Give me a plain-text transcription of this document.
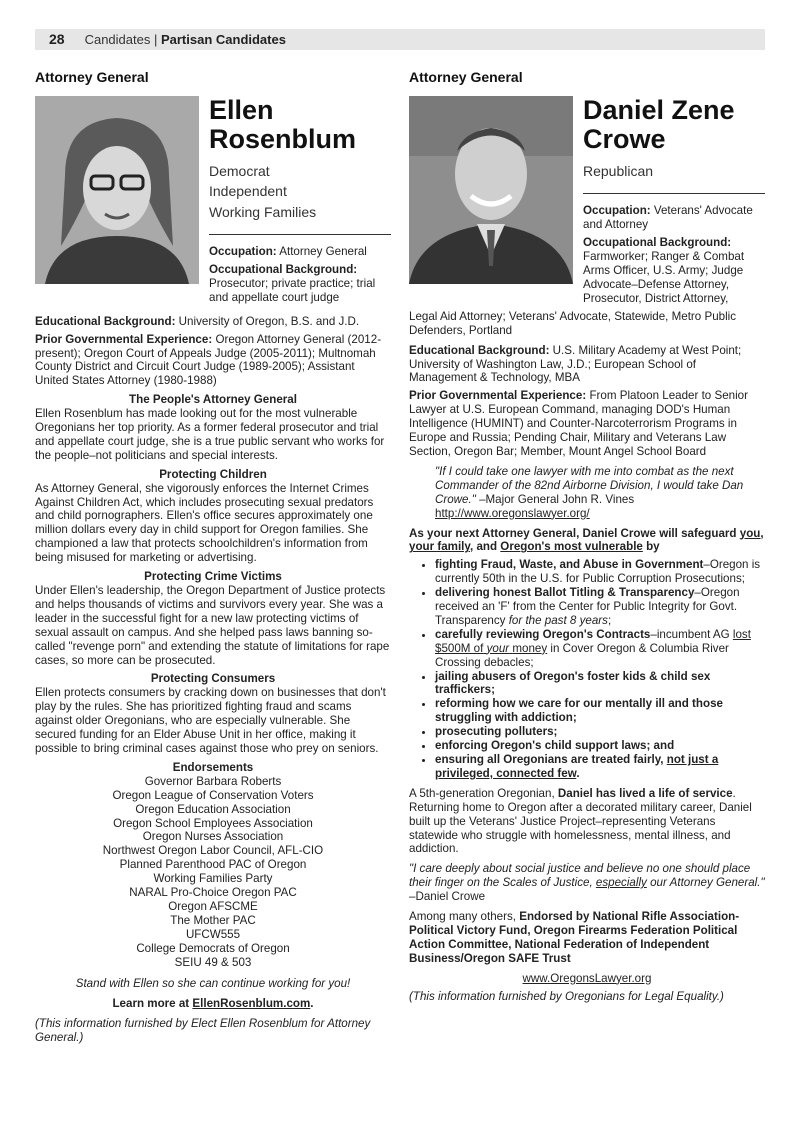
28 Candidates |
Partisan Candidates
Attorney General
Ellen
Rosenblum
Democrat
Independent
Working Families

Occupation: Attorney General

Occupational Background:
Prosecutor; private practice; trial and appellate court judge

Educational Background: University of Oregon, B.S. and J.D.

Prior Governmental Experience: Oregon Attorney General (2012-present); Oregon Court of Appeals Judge (2005-2011); Multnomah County District and Circuit Court Judge (1989-2005); Assistant United States Attorney (1980-1988)

The People's Attorney General

Ellen Rosenblum has made looking out for the most vulnerable Oregonians her top priority. As a former federal prosecutor and trial and appellate court judge, she is a true public servant who works for the people–not politicians and special interests.

Protecting Children

As Attorney General, she vigorously enforces the Internet Crimes Against Children Act, which includes prosecuting sexual predators and child pornographers. Ellen's office secures approximately one million dollars every day in child support for Oregon families. She championed a law that protects schoolchildren's information from being misused for marketing or advertising.

Protecting Crime Victims

Under Ellen's leadership, the Oregon Department of Justice protects and helps thousands of victims and survivors every year. She was a leader in the successful fight for a new law protecting victims of sexual assault on campus. And she helped pass laws banning so-called "revenge porn" and extending the statute of limitations for rape cases, so more can be prosecuted.

Protecting Consumers

Ellen protects consumers by cracking down on businesses that don't play by the rules. She has prioritized fighting fraud and scams against older Oregonians, who are especially vulnerable. She secured funding for an Elder Abuse Unit in her office, making it possible to bring criminal cases against those who prey on seniors.

Endorsements
Governor Barbara Roberts
Oregon League of Conservation Voters
Oregon Education Association
Oregon School Employees Association
Oregon Nurses Association
Northwest Oregon Labor Council, AFL-CIO
Planned Parenthood PAC of Oregon
Working Families Party
NARAL Pro-Choice Oregon PAC
Oregon AFSCME
The Mother PAC
UFCW555
College Democrats of Oregon
SEIU 49 & 503

Stand with Ellen so she can continue working for you!

Learn more at EllenRosenblum.com.

(This information furnished by Elect Ellen Rosenblum for Attorney General.)

Attorney General
Daniel Zene
Crowe
Republican

Occupation: Veterans' Advocate and Attorney

Occupational Background:
Farmworker; Ranger & Combat Arms Officer, U.S. Army; Judge Advocate–Defense Attorney, Prosecutor, District Attorney,

Legal Aid Attorney; Veterans' Advocate, Statewide, Metro Public Defenders, Portland

Educational Background: U.S. Military Academy at West Point; University of Washington Law, J.D.; European School of Management & Technology, MBA

Prior Governmental Experience: From Platoon Leader to Senior Lawyer at U.S. European Command, managing DOD's Human Intelligence (HUMINT) and Counter-Narcoterrorism Programs in Europe and Russia; Pending Chair, Military and Veterans Law Section, Oregon Bar; Member, Mount Angel School Board

"If I could take one lawyer with me into combat as the next Commander of the 82nd Airborne Division, I would take Dan Crowe." –Major General John R. Vines
http://www.oregonslawyer.org/

As your next Attorney General, Daniel Crowe will safeguard you, your family, and Oregon's most vulnerable by

• fighting Fraud, Waste, and Abuse in Government–Oregon is currently 50th in the U.S. for Public Corruption Prosecutions;
• delivering honest Ballot Titling & Transparency–Oregon received an 'F' from the Center for Public Integrity for Govt. Transparency for the past 8 years;
• carefully reviewing Oregon's Contracts–incumbent AG lost $500M of your money in Cover Oregon & Columbia River Crossing debacles;
• jailing abusers of Oregon's foster kids & child sex traffickers;
• reforming how we care for our mentally ill and those struggling with addiction;
• prosecuting polluters;
• enforcing Oregon's child support laws; and
• ensuring all Oregonians are treated fairly, not just a privileged, connected few.

A 5th-generation Oregonian, Daniel has lived a life of service. Returning home to Oregon after a decorated military career, Daniel built up the Veterans' Justice Project–representing Veterans statewide who struggle with homelessness, mental illness, and addiction.

"I care deeply about social justice and believe no one should place their finger on the Scales of Justice, especially our Attorney General." –Daniel Crowe

Among many others, Endorsed by National Rifle Association-Political Victory Fund, Oregon Firearms Federation Political Action Committee, National Federation of Independent Business/Oregon SAFE Trust

www.OregonsLawyer.org

(This information furnished by Oregonians for Legal Equality.)
